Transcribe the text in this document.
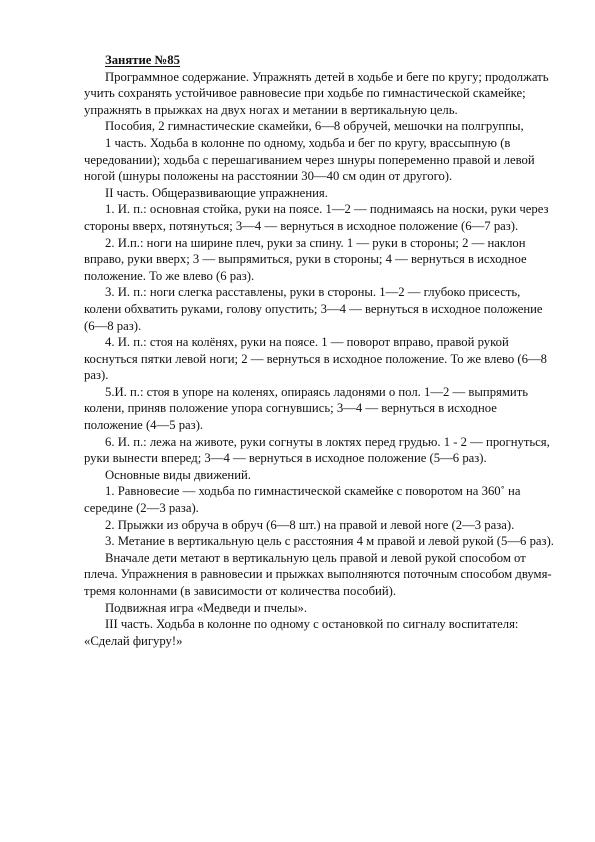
Занятие №85

Программное содержание. Упражнять детей в ходьбе и беге по кругу; продолжать учить сохранять устойчивое равновесие при ходьбе по гимнастической скамейке; упражнять в прыжках на двух ногах и метании в вертикальную цель.

Пособия, 2 гимнастические скамейки, 6—8 обручей, мешочки на полгруппы,

1 часть. Ходьба в колонне по одному, ходьба и бег по кругу, врассыпную (в чередовании); ходьба с перешагиванием через шнуры попеременно правой и левой ногой (шнуры положены на расстоянии 30—40 см один от другого).

II часть. Общеразвивающие упражнения.

1. И. п.: основная стойка, руки на поясе. 1—2 — поднимаясь на носки, руки через стороны вверх, потянуться; 3—4 — вернуться в исходное положение (6—7 раз).

2. И.п.: ноги на ширине плеч, руки за спину. 1 — руки в стороны; 2 — наклон вправо, руки вверх; 3 — выпрямиться, руки в стороны; 4 — вернуться в исходное положение. То же влево (6 раз).

3. И. п.: ноги слегка расставлены, руки в стороны. 1—2 — глубоко присесть, колени обхватить руками, голову опустить; 3—4 — вернуться в исходное положение (6—8 раз).

4. И. п.: стоя на колёнях, руки на поясе. 1 — поворот вправо, правой рукой коснуться пятки левой ноги; 2 — вернуться в исходное положение. То же влево (6—8 раз).

5.И. п.: стоя в упоре на коленях, опираясь ладонями о пол. 1—2 — выпрямить колени, приняв положение упора согнувшись; 3—4 — вернуться в исходное положение (4—5 раз).

6. И. п.: лежа на животе, руки согнуты в локтях перед грудью. 1 - 2 — прогнуться, руки вынести вперед; 3—4 — вернуться в исходное положение (5—6 раз).

Основные виды движений.

1. Равновесие — ходьба по гимнастической скамейке с поворотом на 360˚ на середине (2—3 раза).

2. Прыжки из обруча в обруч (6—8 шт.) на правой и левой ноге (2—3 раза).

3. Метание в вертикальную цель с расстояния 4 м правой и левой рукой (5—6 раз).

Вначале дети метают в вертикальную цель правой и левой рукой способом от плеча. Упражнения в равновесии и прыжках выполняются поточным способом двумя-тремя колоннами (в зависимости от количества пособий).

Подвижная игра «Медведи и пчелы».

III часть. Ходьба в колонне по одному с остановкой по сигналу воспитателя: «Сделай фигуру!»
